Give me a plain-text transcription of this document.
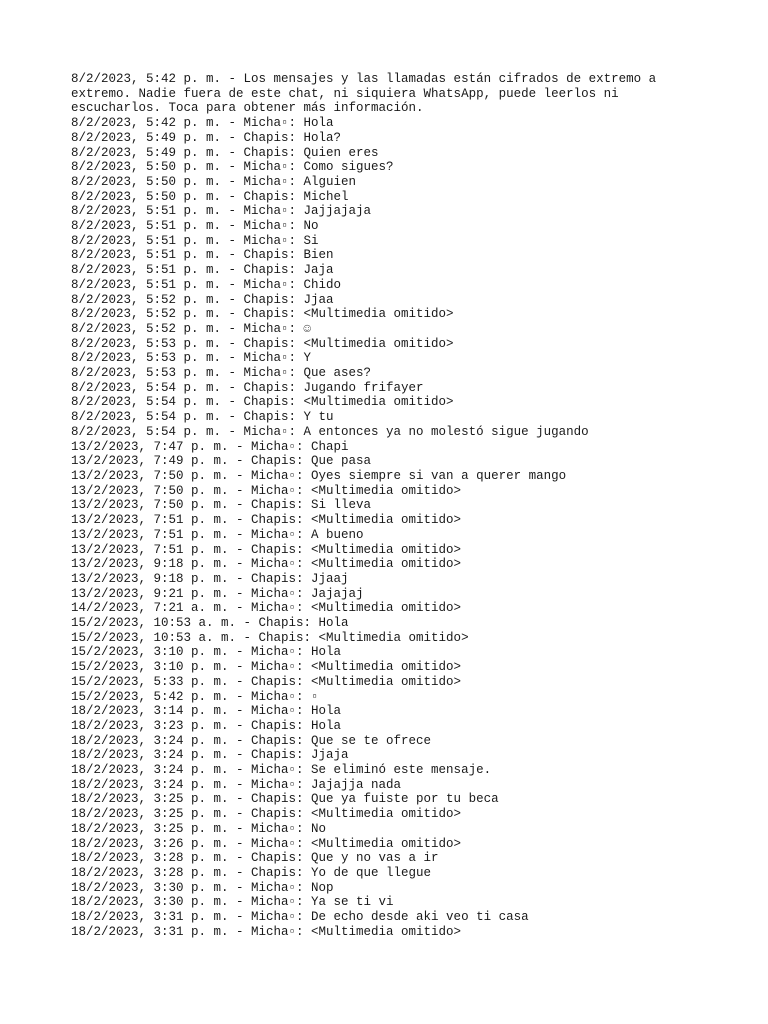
8/2/2023, 5:42 p. m. - Los mensajes y las llamadas están cifrados de extremo a extremo. Nadie fuera de este chat, ni siquiera WhatsApp, puede leerlos ni escucharlos. Toca para obtener más información.

8/2/2023, 5:42 p. m. - Micha▫: Hola

8/2/2023, 5:49 p. m. - Chapis: Hola?

8/2/2023, 5:49 p. m. - Chapis: Quien eres

8/2/2023, 5:50 p. m. - Micha▫: Como sigues?

8/2/2023, 5:50 p. m. - Micha▫: Alguien

8/2/2023, 5:50 p. m. - Chapis: Michel

8/2/2023, 5:51 p. m. - Micha▫: Jajjajaja

8/2/2023, 5:51 p. m. - Micha▫: No

8/2/2023, 5:51 p. m. - Micha▫: Si

8/2/2023, 5:51 p. m. - Chapis: Bien

8/2/2023, 5:51 p. m. - Chapis: Jaja

8/2/2023, 5:51 p. m. - Micha▫: Chido

8/2/2023, 5:52 p. m. - Chapis: Jjaa

8/2/2023, 5:52 p. m. - Chapis: <Multimedia omitido>

8/2/2023, 5:52 p. m. - Micha▫: ☺

8/2/2023, 5:53 p. m. - Chapis: <Multimedia omitido>

8/2/2023, 5:53 p. m. - Micha▫: Y

8/2/2023, 5:53 p. m. - Micha▫: Que ases?

8/2/2023, 5:54 p. m. - Chapis: Jugando frifayer

8/2/2023, 5:54 p. m. - Chapis: <Multimedia omitido>

8/2/2023, 5:54 p. m. - Chapis: Y tu

8/2/2023, 5:54 p. m. - Micha▫: A entonces ya no molestó sigue jugando

13/2/2023, 7:47 p. m. - Micha▫: Chapi

13/2/2023, 7:49 p. m. - Chapis: Que pasa

13/2/2023, 7:50 p. m. - Micha▫: Oyes siempre si van a querer mango

13/2/2023, 7:50 p. m. - Micha▫: <Multimedia omitido>

13/2/2023, 7:50 p. m. - Chapis: Si lleva

13/2/2023, 7:51 p. m. - Chapis: <Multimedia omitido>

13/2/2023, 7:51 p. m. - Micha▫: A bueno

13/2/2023, 7:51 p. m. - Chapis: <Multimedia omitido>

13/2/2023, 9:18 p. m. - Micha▫: <Multimedia omitido>

13/2/2023, 9:18 p. m. - Chapis: Jjaaj

13/2/2023, 9:21 p. m. - Micha▫: Jajajaj

14/2/2023, 7:21 a. m. - Micha▫: <Multimedia omitido>

15/2/2023, 10:53 a. m. - Chapis: Hola

15/2/2023, 10:53 a. m. - Chapis: <Multimedia omitido>

15/2/2023, 3:10 p. m. - Micha▫: Hola

15/2/2023, 3:10 p. m. - Micha▫: <Multimedia omitido>

15/2/2023, 5:33 p. m. - Chapis: <Multimedia omitido>

15/2/2023, 5:42 p. m. - Micha▫: ▫

18/2/2023, 3:14 p. m. - Micha▫: Hola

18/2/2023, 3:23 p. m. - Chapis: Hola

18/2/2023, 3:24 p. m. - Chapis: Que se te ofrece

18/2/2023, 3:24 p. m. - Chapis: Jjaja

18/2/2023, 3:24 p. m. - Micha▫: Se eliminó este mensaje.

18/2/2023, 3:24 p. m. - Micha▫: Jajajja nada

18/2/2023, 3:25 p. m. - Chapis: Que ya fuiste por tu beca

18/2/2023, 3:25 p. m. - Chapis: <Multimedia omitido>

18/2/2023, 3:25 p. m. - Micha▫: No

18/2/2023, 3:26 p. m. - Micha▫: <Multimedia omitido>

18/2/2023, 3:28 p. m. - Chapis: Que y no vas a ir

18/2/2023, 3:28 p. m. - Chapis: Yo de que llegue

18/2/2023, 3:30 p. m. - Micha▫: Nop

18/2/2023, 3:30 p. m. - Micha▫: Ya se ti vi

18/2/2023, 3:31 p. m. - Micha▫: De echo desde aki veo ti casa

18/2/2023, 3:31 p. m. - Micha▫: <Multimedia omitido>
